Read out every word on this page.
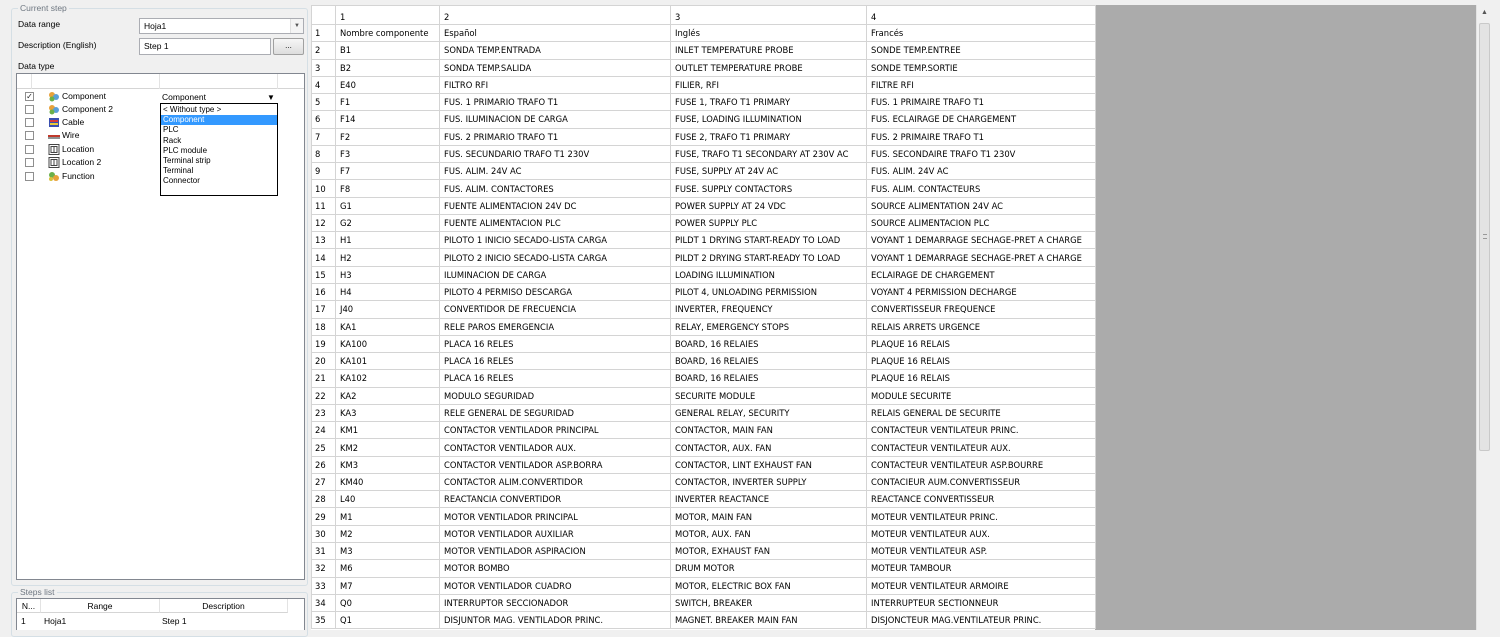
Current step
Data range	Hoja1	▼
Description (English)	Step 1	...
Data type
✓	Component
Component 2
Cable
Wire
Location
Location 2
Function
Component	▼
< Without type >
Component
PLC
Rack
PLC module
Terminal strip
Terminal
Connector
Steps list
N...	Range	Description
1 Hoja1	Step 1
	1	2	3	4
1	Nombre componente	Español	Inglés	Francés
2	B1	SONDA TEMP.ENTRADA	INLET TEMPERATURE PROBE	SONDE TEMP.ENTREE
3	B2	SONDA TEMP.SALIDA	OUTLET TEMPERATURE PROBE	SONDE TEMP.SORTIE
4	E40	FILTRO RFI	FILIER, RFI	FILTRE RFI
5	F1	FUS. 1 PRIMARIO TRAFO T1	FUSE 1, TRAFO T1 PRIMARY	FUS. 1 PRIMAIRE TRAFO T1
6	F14	FUS. ILUMINACION DE CARGA	FUSE, LOADING ILLUMINATION	FUS. ECLAIRAGE DE CHARGEMENT
7	F2	FUS. 2 PRIMARIO TRAFO T1	FUSE 2, TRAFO T1 PRIMARY	FUS. 2 PRIMAIRE TRAFO T1
8	F3	FUS. SECUNDARIO TRAFO T1 230V	FUSE, TRAFO T1 SECONDARY AT 230V AC	FUS. SECONDAIRE TRAFO T1 230V
9	F7	FUS. ALIM. 24V AC	FUSE, SUPPLY AT 24V AC	FUS. ALIM. 24V AC
10	F8	FUS. ALIM. CONTACTORES	FUSE. SUPPLY CONTACTORS	FUS. ALIM. CONTACTEURS
11	G1	FUENTE ALIMENTACION 24V DC	POWER SUPPLY AT 24 VDC	SOURCE ALIMENTATION 24V AC
12	G2	FUENTE ALIMENTACION PLC	POWER SUPPLY PLC	SOURCE ALIMENTACION PLC
13	H1	PILOTO 1 INICIO SECADO-LISTA CARGA	PILDT 1 DRYING START-READY TO LOAD	VOYANT 1 DEMARRAGE SECHAGE-PRET A CHARGE
14	H2	PILOTO 2 INICIO SECADO-LISTA CARGA	PILDT 2 DRYING START-READY TO LOAD	VOYANT 1 DEMARRAGE SECHAGE-PRET A CHARGE
15	H3	ILUMINACION DE CARGA	LOADING ILLUMINATION	ECLAIRAGE DE CHARGEMENT
16	H4	PILOTO 4 PERMISO DESCARGA	PILOT 4, UNLOADING PERMISSION	VOYANT 4 PERMISSION DECHARGE
17	J40	CONVERTIDOR DE FRECUENCIA	INVERTER, FREQUENCY	CONVERTISSEUR FREQUENCE
18	KA1	RELE PAROS EMERGENCIA	RELAY, EMERGENCY STOPS	RELAIS ARRETS URGENCE
19	KA100	PLACA 16 RELES	BOARD, 16 RELAIES	PLAQUE 16 RELAIS
20	KA101	PLACA 16 RELES	BOARD, 16 RELAIES	PLAQUE 16 RELAIS
21	KA102	PLACA 16 RELES	BOARD, 16 RELAIES	PLAQUE 16 RELAIS
22	KA2	MODULO SEGURIDAD	SECURITE MODULE	MODULE SECURITE
23	KA3	RELE GENERAL DE SEGURIDAD	GENERAL RELAY, SECURITY	RELAIS GENERAL DE SECURITE
24	KM1	CONTACTOR VENTILADOR PRINCIPAL	CONTACTOR, MAIN FAN	CONTACTEUR VENTILATEUR PRINC.
25	KM2	CONTACTOR VENTILADOR AUX.	CONTACTOR, AUX. FAN	CONTACTEUR VENTILATEUR AUX.
26	KM3	CONTACTOR VENTILADOR ASP.BORRA	CONTACTOR, LINT EXHAUST FAN	CONTACTEUR VENTILATEUR ASP.BOURRE
27	KM40	CONTACTOR ALIM.CONVERTIDOR	CONTACTOR, INVERTER SUPPLY	CONTACIEUR AUM.CONVERTISSEUR
28	L40	REACTANCIA CONVERTIDOR	INVERTER REACTANCE	REACTANCE CONVERTISSEUR
29	M1	MOTOR VENTILADOR PRINCIPAL	MOTOR, MAIN FAN	MOTEUR VENTILATEUR PRINC.
30	M2	MOTOR VENTILADOR AUXILIAR	MOTOR, AUX. FAN	MOTEUR VENTILATEUR AUX.
31	M3	MOTOR VENTILADOR ASPIRACION	MOTOR, EXHAUST FAN	MOTEUR VENTILATEUR ASP.
32	M6	MOTOR BOMBO	DRUM MOTOR	MOTEUR TAMBOUR
33	M7	MOTOR VENTILADOR CUADRO	MOTOR, ELECTRIC BOX FAN	MOTEUR VENTILATEUR ARMOIRE
34	Q0	INTERRUPTOR SECCIONADOR	SWITCH, BREAKER	INTERRUPTEUR SECTIONNEUR
35	Q1	DISJUNTOR MAG. VENTILADOR PRINC.	MAGNET. BREAKER MAIN FAN	DISJONCTEUR MAG.VENTILATEUR PRINC.
▲
